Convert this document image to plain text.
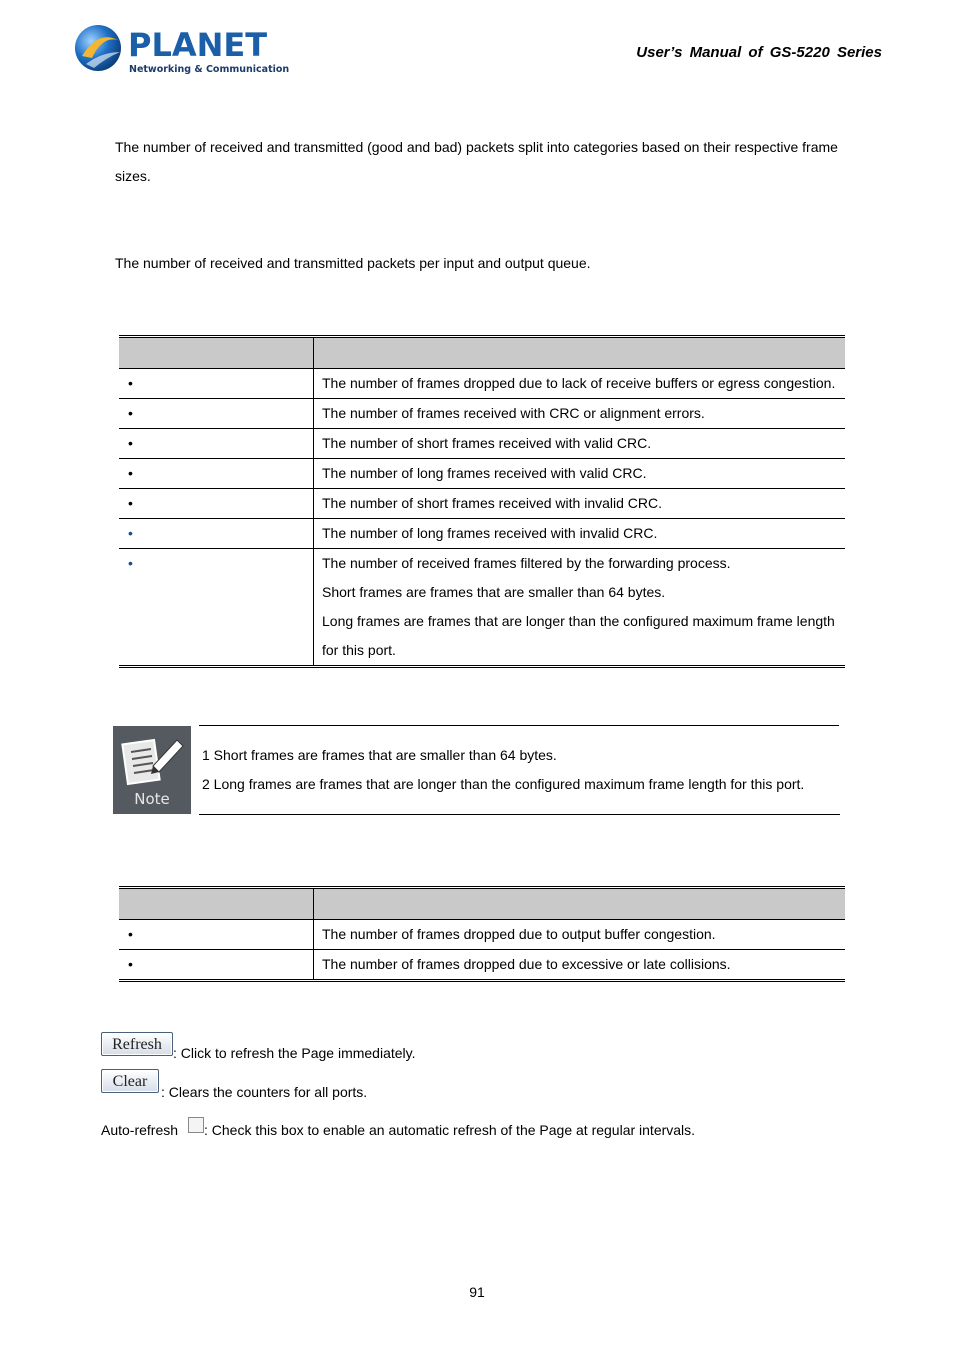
PLANET
Networking & Communication
User’s Manual of GS-5220 Series
The number of received and transmitted (good and bad) packets split into categories based on their respective frame sizes.
The number of received and transmitted packets per input and output queue.

•	The number of frames dropped due to lack of receive buffers or egress congestion.

•	The number of frames received with CRC or alignment errors.

•	The number of short frames received with valid CRC.

•	The number of long frames received with valid CRC.

•	The number of short frames received with invalid CRC.

•	The number of long frames received with invalid CRC.

•	The number of received frames filtered by the forwarding process.
Short frames are frames that are smaller than 64 bytes.
Long frames are frames that are longer than the configured maximum frame length for this port.
Note
1 Short frames are frames that are smaller than 64 bytes.
2 Long frames are frames that are longer than the configured maximum frame length for this port.

•	The number of frames dropped due to output buffer congestion.

•	The number of frames dropped due to excessive or late collisions.
Refresh : Click to refresh the Page immediately.
Clear
: Clears the counters for all ports.
Auto-refresh : Check this box to enable an automatic refresh of the Page at regular intervals.
91
